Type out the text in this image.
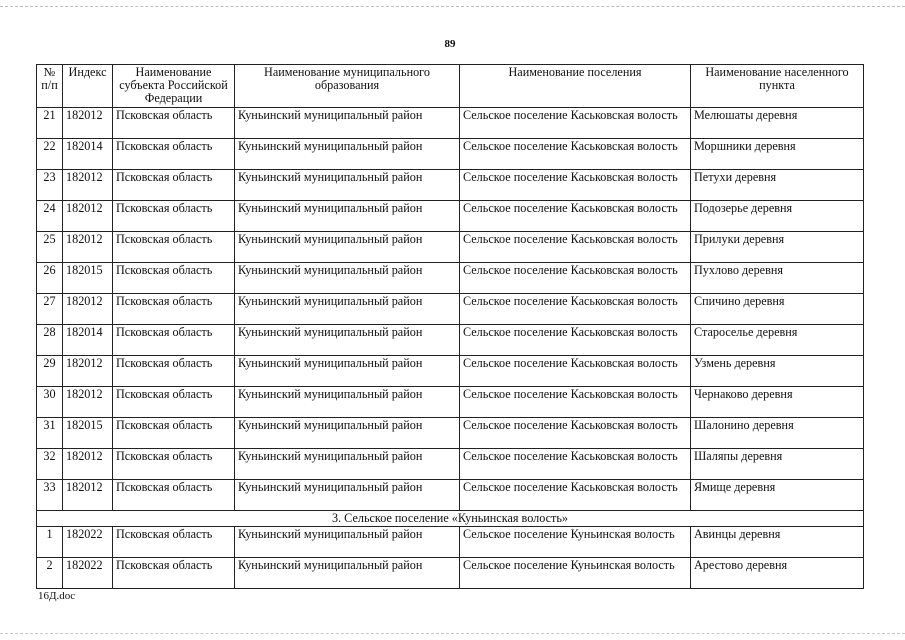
89
№ п/п	Индекс	Наименование субъекта Российской Федерации	Наименование муниципального образования	Наименование поселения	Наименование населенного пункта
21	182012	Псковская область	Куньинский муниципальный район	Сельское поселение Каськовская волость	Мелюшаты деревня
22	182014	Псковская область	Куньинский муниципальный район	Сельское поселение Каськовская волость	Моршники деревня
23	182012	Псковская область	Куньинский муниципальный район	Сельское поселение Каськовская волость	Петухи деревня
24	182012	Псковская область	Куньинский муниципальный район	Сельское поселение Каськовская волость	Подозерье деревня
25	182012	Псковская область	Куньинский муниципальный район	Сельское поселение Каськовская волость	Прилуки деревня
26	182015	Псковская область	Куньинский муниципальный район	Сельское поселение Каськовская волость	Пухлово деревня
27	182012	Псковская область	Куньинский муниципальный район	Сельское поселение Каськовская волость	Спичино деревня
28	182014	Псковская область	Куньинский муниципальный район	Сельское поселение Каськовская волость	Староселье деревня
29	182012	Псковская область	Куньинский муниципальный район	Сельское поселение Каськовская волость	Узмень деревня
30	182012	Псковская область	Куньинский муниципальный район	Сельское поселение Каськовская волость	Чернаково деревня
31	182015	Псковская область	Куньинский муниципальный район	Сельское поселение Каськовская волость	Шалонино деревня
32	182012	Псковская область	Куньинский муниципальный район	Сельское поселение Каськовская волость	Шаляпы деревня
33	182012	Псковская область	Куньинский муниципальный район	Сельское поселение Каськовская волость	Ямище деревня
3. Сельское поселение «Куньинская волость»					
1	182022	Псковская область	Куньинский муниципальный район	Сельское поселение Куньинская волость	Авинцы деревня
2	182022	Псковская область	Куньинский муниципальный район	Сельское поселение Куньинская волость	Арестово деревня
16Д.doc
